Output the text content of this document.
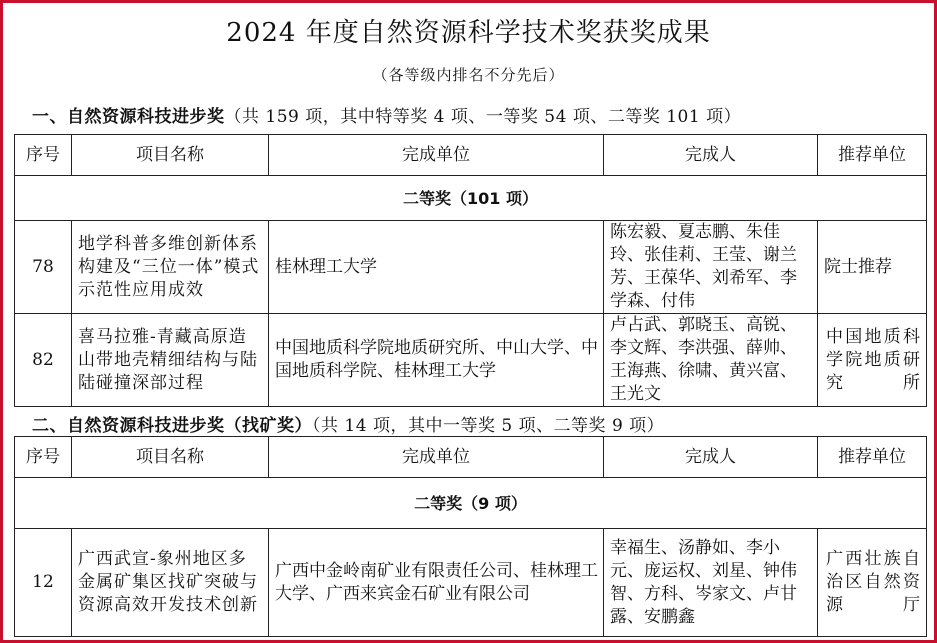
2024 年度自然资源科学技术奖获奖成果
（各等级内排名不分先后）
一、自然资源科技进步奖（共 159 项，其中特等奖 4 项、一等奖 54 项、二等奖 101 项）
序号	项目名称	完成单位	完成人	推荐单位
二等奖（101 项）				
78	地学科普多维创新体系构建及“三位一体”模式示范性应用成效	桂林理工大学	陈宏毅、夏志鹏、朱佳玲、张佳莉、王莹、谢兰芳、王葆华、刘希军、李学森、付伟	院士推荐
82	喜马拉雅-青藏高原造山带地壳精细结构与陆陆碰撞深部过程	中国地质科学院地质研究所、中山大学、中国地质科学院、桂林理工大学	卢占武、郭晓玉、高锐、李文辉、李洪强、薛帅、王海燕、徐啸、黄兴富、王光文	中国地质科学院地质研究所
二、自然资源科技进步奖（找矿奖）（共 14 项，其中一等奖 5 项、二等奖 9 项）
序号	项目名称	完成单位	完成人	推荐单位
二等奖（9 项）				
12	广西武宣-象州地区多金属矿集区找矿突破与资源高效开发技术创新	广西中金岭南矿业有限责任公司、桂林理工大学、广西来宾金石矿业有限公司	幸福生、汤静如、李小元、庞运权、刘星、钟伟智、方科、岑家文、卢甘露、安鹏鑫	广西壮族自治区自然资源厅
